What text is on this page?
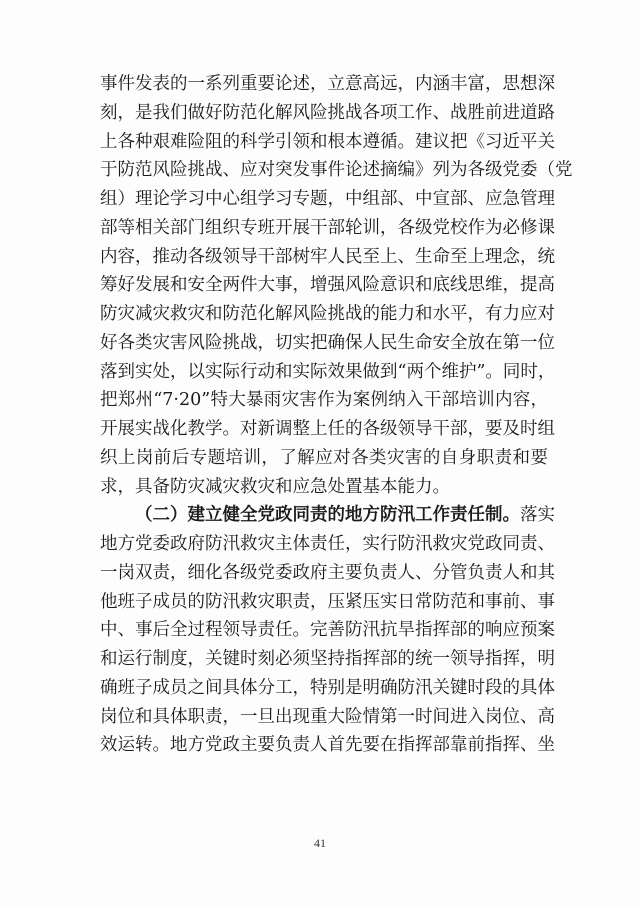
事件发表的一系列重要论述，立意高远，内涵丰富，思想深
刻，是我们做好防范化解风险挑战各项工作、战胜前进道路
上各种艰难险阻的科学引领和根本遵循。建议把《习近平关
于防范风险挑战、应对突发事件论述摘编》列为各级党委（党
组）理论学习中心组学习专题，中组部、中宣部、应急管理
部等相关部门组织专班开展干部轮训，各级党校作为必修课
内容，推动各级领导干部树牢人民至上、生命至上理念，统
筹好发展和安全两件大事，增强风险意识和底线思维，提高
防灾减灾救灾和防范化解风险挑战的能力和水平，有力应对
好各类灾害风险挑战，切实把确保人民生命安全放在第一位
落到实处，以实际行动和实际效果做到“两个维护”。同时，
把郑州“7·20”特大暴雨灾害作为案例纳入干部培训内容，
开展实战化教学。对新调整上任的各级领导干部，要及时组
织上岗前后专题培训，了解应对各类灾害的自身职责和要
求，具备防灾减灾救灾和应急处置基本能力。
（二）建立健全党政同责的地方防汛工作责任制。落实
地方党委政府防汛救灾主体责任，实行防汛救灾党政同责、
一岗双责，细化各级党委政府主要负责人、分管负责人和其
他班子成员的防汛救灾职责，压紧压实日常防范和事前、事
中、事后全过程领导责任。完善防汛抗旱指挥部的响应预案
和运行制度，关键时刻必须坚持指挥部的统一领导指挥，明
确班子成员之间具体分工，特别是明确防汛关键时段的具体
岗位和具体职责，一旦出现重大险情第一时间进入岗位、高
效运转。地方党政主要负责人首先要在指挥部靠前指挥、坐
41
